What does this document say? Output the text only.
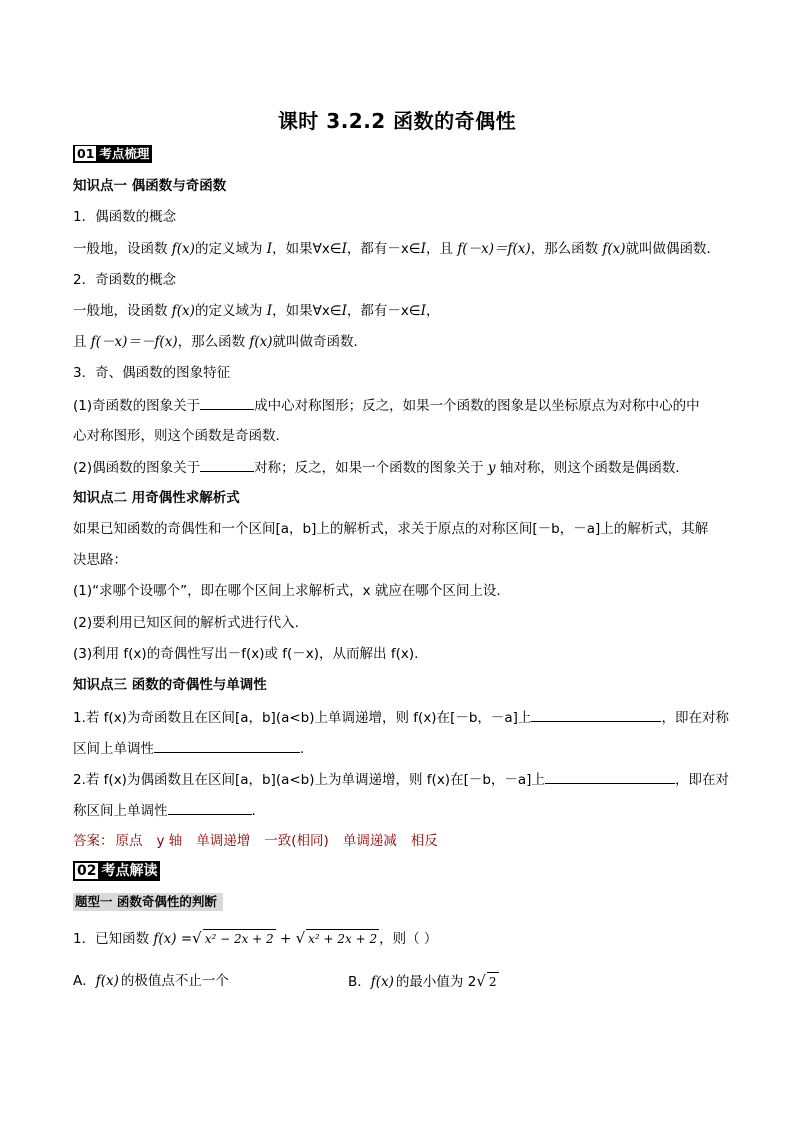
课时 3.2.2 函数的奇偶性
01 考点梳理
知识点一 偶函数与奇函数
1．偶函数的概念
一般地，设函数 f(x)的定义域为 I，如果∀x∈I，都有－x∈I，且 f(－x)＝f(x)，那么函数 f(x)就叫做偶函数．
2．奇函数的概念
一般地，设函数 f(x)的定义域为 I，如果∀x∈I，都有－x∈I，
且 f(－x)＝－f(x)，那么函数 f(x)就叫做奇函数．
3．奇、偶函数的图象特征
(1)奇函数的图象关于	成中心对称图形；反之，如果一个函数的图象是以坐标原点为对称中心的中
心对称图形，则这个函数是奇函数．
(2)偶函数的图象关于	对称；反之，如果一个函数的图象关于 y 轴对称，则这个函数是偶函数．
知识点二 用奇偶性求解析式
如果已知函数的奇偶性和一个区间[a，b]上的解析式，求关于原点的对称区间[－b，－a]上的解析式，其解
决思路：
(1)“求哪个设哪个”，即在哪个区间上求解析式，x 就应在哪个区间上设.
(2)要利用已知区间的解析式进行代入.
(3)利用 f(x)的奇偶性写出－f(x)或 f(－x)，从而解出 f(x).
知识点三 函数的奇偶性与单调性
1.若 f(x)为奇函数且在区间[a，b](a<b)上单调递增，则 f(x)在[－b，－a]上	，即在对称
区间上单调性	.
2.若 f(x)为偶函数且在区间[a，b](a<b)上为单调递增，则 f(x)在[－b，－a]上	，即在对
称区间上单调性	.
答案： 原点 y 轴 单调递增 一致(相同) 单调递减 相反
02 考点解读
题型一 函数奇偶性的判断
1．已知函数 f(x) =√ x² − 2x + 2 + √ x² + 2x + 2 ，则（ ）
A．f(x) 的极值点不止一个	B．f(x) 的最小值为 2√ 2
